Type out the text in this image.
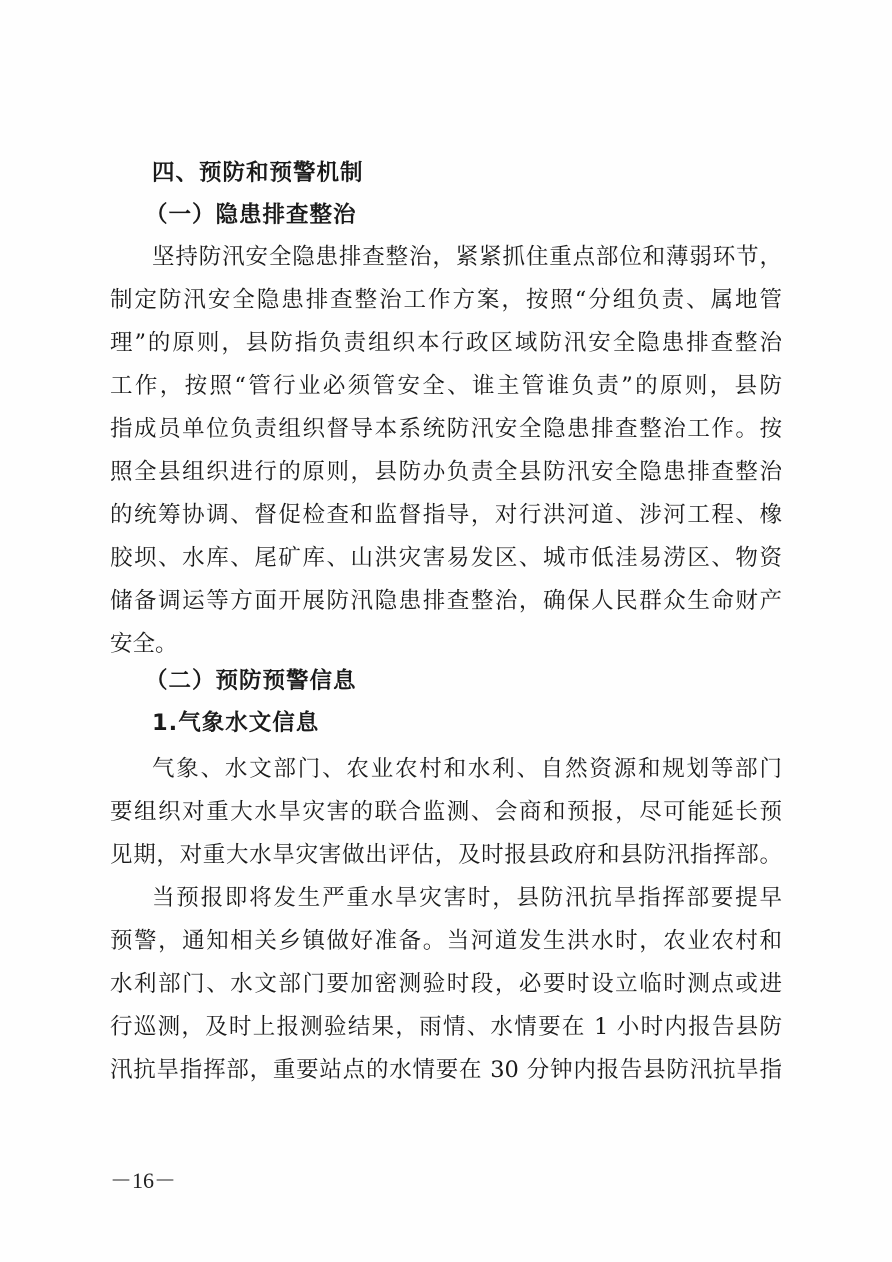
四、预防和预警机制
（一）隐患排查整治
坚持防汛安全隐患排查整治，紧紧抓住重点部位和薄弱环节，
制定防汛安全隐患排查整治工作方案，按照“分组负责、属地管
理”的原则，县防指负责组织本行政区域防汛安全隐患排查整治
工作，按照“管行业必须管安全、谁主管谁负责”的原则，县防
指成员单位负责组织督导本系统防汛安全隐患排查整治工作。按
照全县组织进行的原则，县防办负责全县防汛安全隐患排查整治
的统筹协调、督促检查和监督指导，对行洪河道、涉河工程、橡
胶坝、水库、尾矿库、山洪灾害易发区、城市低洼易涝区、物资
储备调运等方面开展防汛隐患排查整治，确保人民群众生命财产
安全。
（二）预防预警信息
1.气象水文信息
气象、水文部门、农业农村和水利、自然资源和规划等部门
要组织对重大水旱灾害的联合监测、会商和预报，尽可能延长预
见期，对重大水旱灾害做出评估，及时报县政府和县防汛指挥部。
当预报即将发生严重水旱灾害时，县防汛抗旱指挥部要提早
预警，通知相关乡镇做好准备。当河道发生洪水时，农业农村和
水利部门、水文部门要加密测验时段，必要时设立临时测点或进
行巡测，及时上报测验结果，雨情、水情要在 1 小时内报告县防
汛抗旱指挥部，重要站点的水情要在 30 分钟内报告县防汛抗旱指
－16－
